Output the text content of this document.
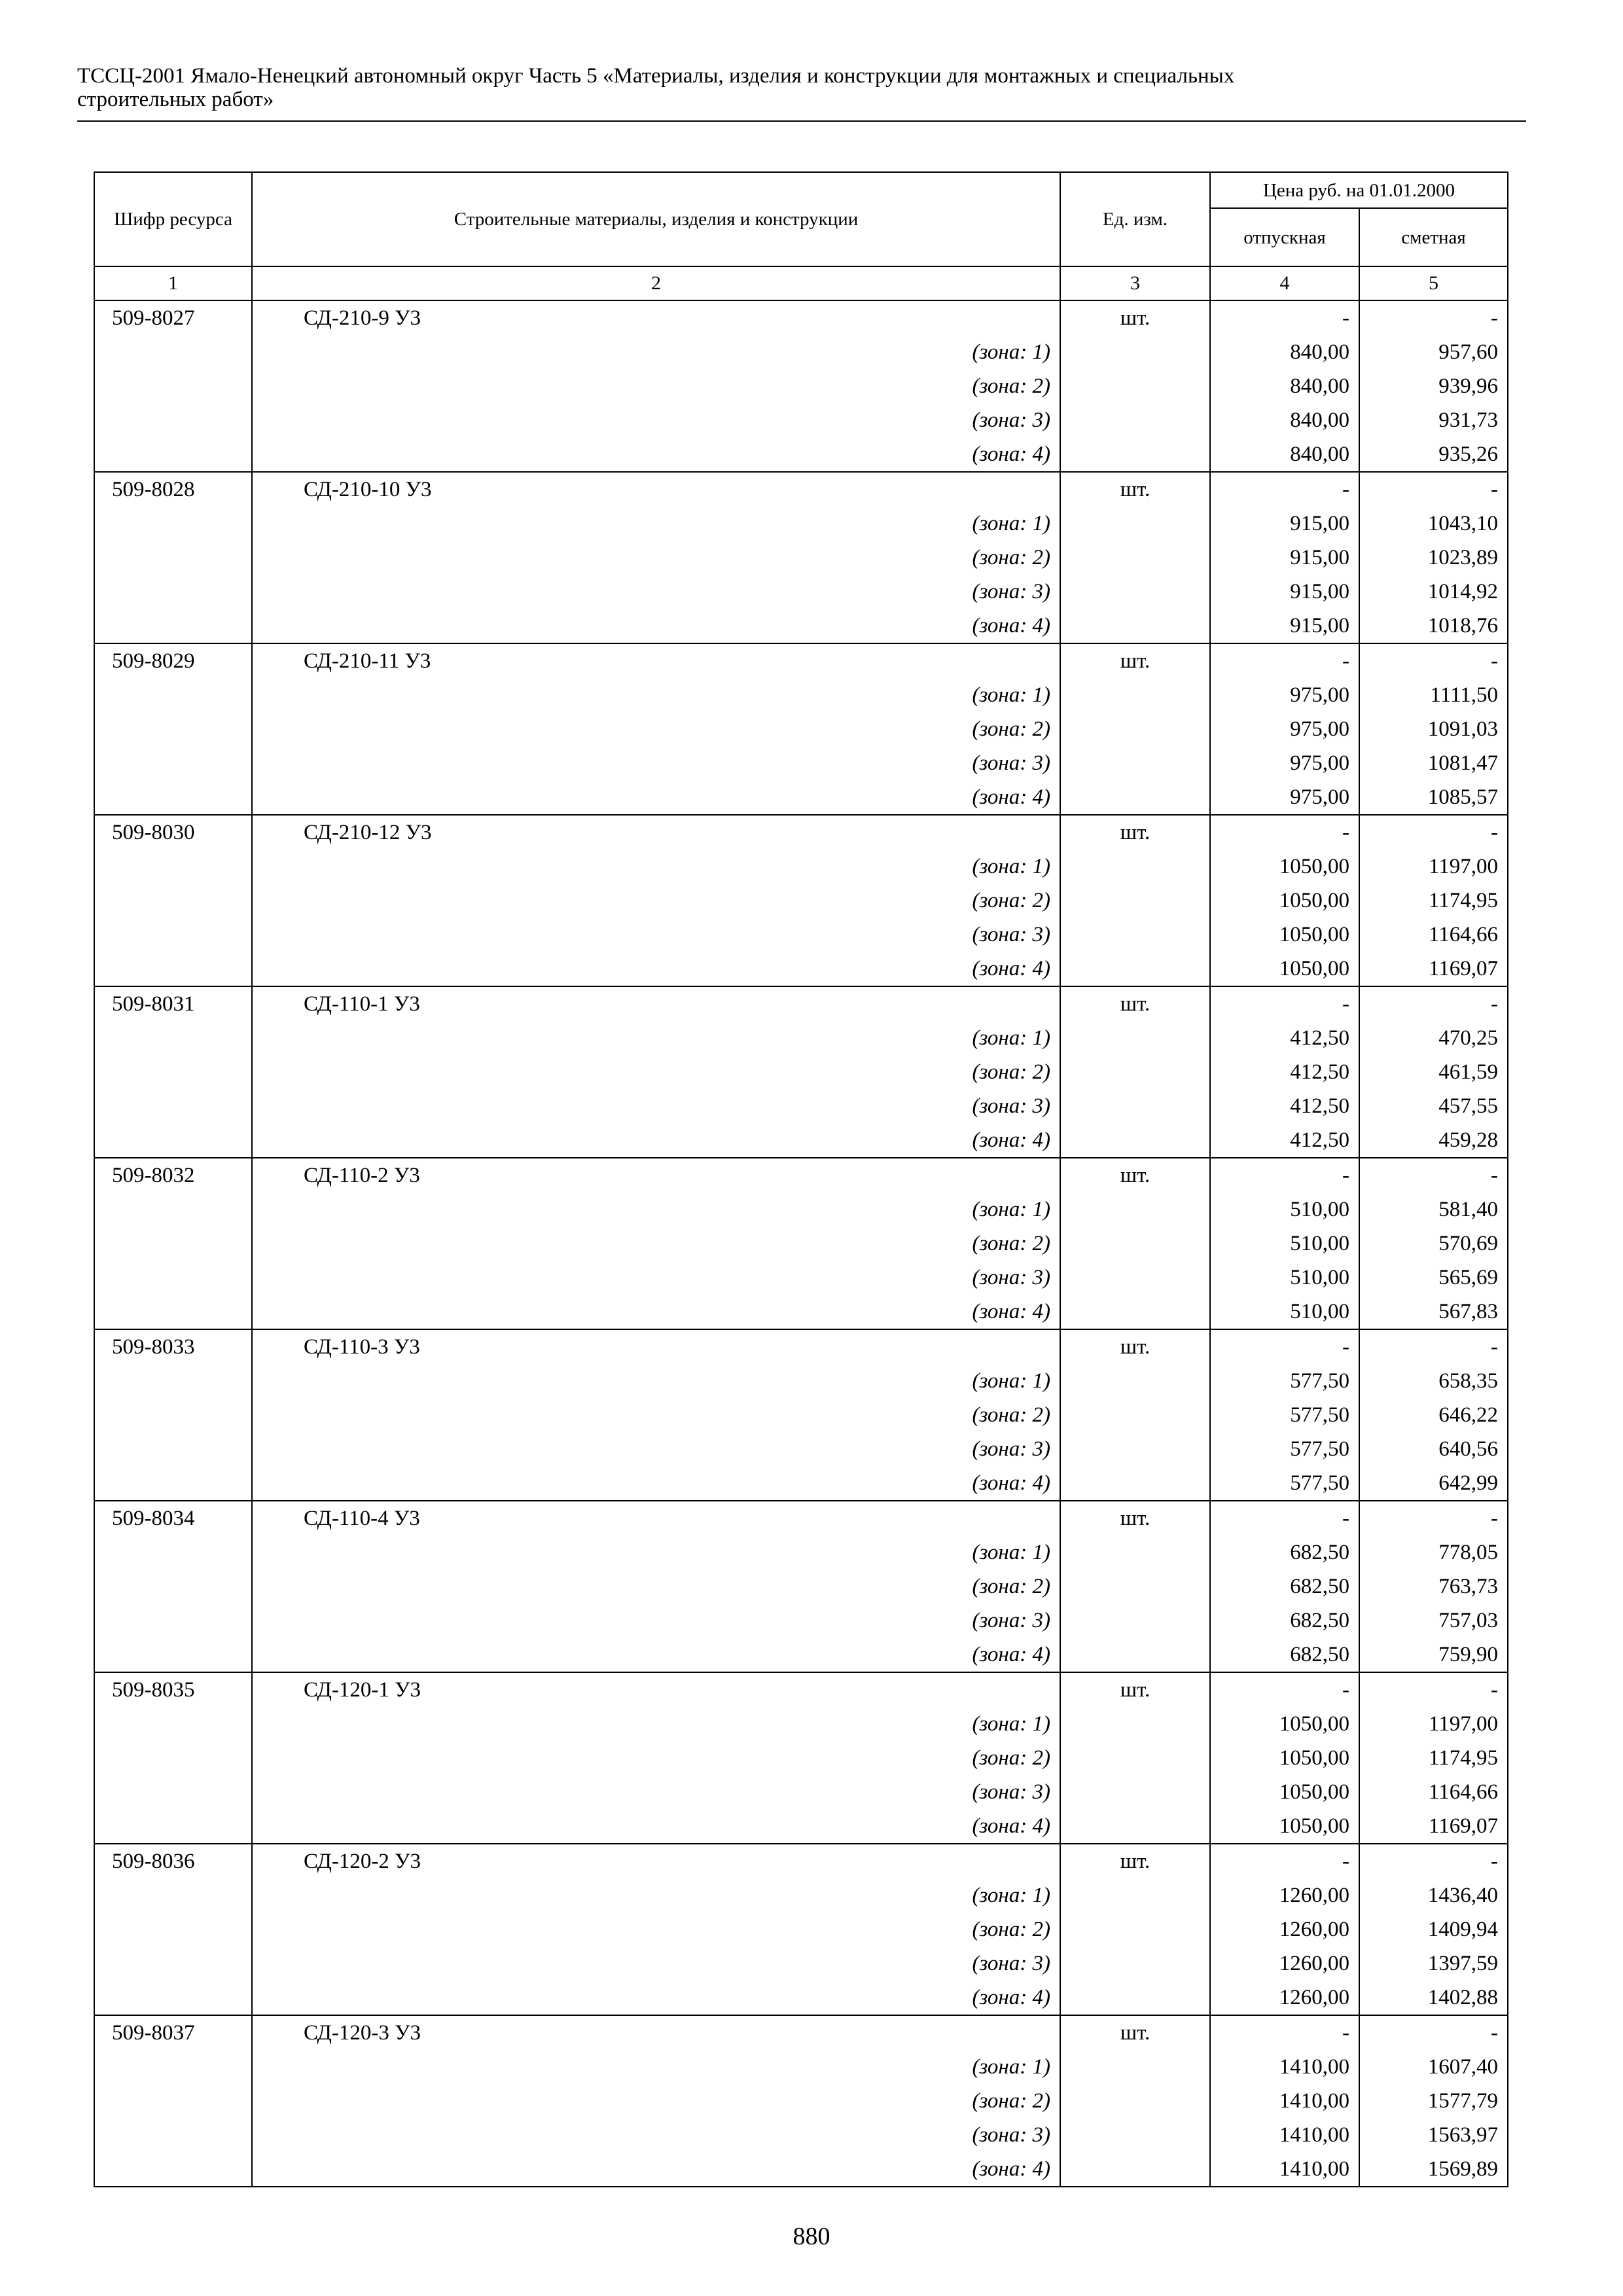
ТССЦ-2001 Ямало-Ненецкий автономный округ Часть 5 «Материалы, изделия и конструкции для монтажных и специальных
строительных работ»
Шифр ресурса	Строительные материалы, изделия и конструкции	Ед. изм.	Цена руб. на 01.01.2000	
			отпускная	сметная
1	2	3	4	5
509-8027	СД-210-9 У3	шт.	-	-
	(зона: 1)		840,00	957,60
	(зона: 2)		840,00	939,96
	(зона: 3)		840,00	931,73
	(зона: 4)		840,00	935,26
509-8028	СД-210-10 У3	шт.	-	-
	(зона: 1)		915,00	1043,10
	(зона: 2)		915,00	1023,89
	(зона: 3)		915,00	1014,92
	(зона: 4)		915,00	1018,76
509-8029	СД-210-11 У3	шт.	-	-
	(зона: 1)		975,00	1111,50
	(зона: 2)		975,00	1091,03
	(зона: 3)		975,00	1081,47
	(зона: 4)		975,00	1085,57
509-8030	СД-210-12 У3	шт.	-	-
	(зона: 1)		1050,00	1197,00
	(зона: 2)		1050,00	1174,95
	(зона: 3)		1050,00	1164,66
	(зона: 4)		1050,00	1169,07
509-8031	СД-110-1 У3	шт.	-	-
	(зона: 1)		412,50	470,25
	(зона: 2)		412,50	461,59
	(зона: 3)		412,50	457,55
	(зона: 4)		412,50	459,28
509-8032	СД-110-2 У3	шт.	-	-
	(зона: 1)		510,00	581,40
	(зона: 2)		510,00	570,69
	(зона: 3)		510,00	565,69
	(зона: 4)		510,00	567,83
509-8033	СД-110-3 У3	шт.	-	-
	(зона: 1)		577,50	658,35
	(зона: 2)		577,50	646,22
	(зона: 3)		577,50	640,56
	(зона: 4)		577,50	642,99
509-8034	СД-110-4 У3	шт.	-	-
	(зона: 1)		682,50	778,05
	(зона: 2)		682,50	763,73
	(зона: 3)		682,50	757,03
	(зона: 4)		682,50	759,90
509-8035	СД-120-1 У3	шт.	-	-
	(зона: 1)		1050,00	1197,00
	(зона: 2)		1050,00	1174,95
	(зона: 3)		1050,00	1164,66
	(зона: 4)		1050,00	1169,07
509-8036	СД-120-2 У3	шт.	-	-
	(зона: 1)		1260,00	1436,40
	(зона: 2)		1260,00	1409,94
	(зона: 3)		1260,00	1397,59
	(зона: 4)		1260,00	1402,88
509-8037	СД-120-3 У3	шт.	-	-
	(зона: 1)		1410,00	1607,40
	(зона: 2)		1410,00	1577,79
	(зона: 3)		1410,00	1563,97
	(зона: 4)		1410,00	1569,89
880
